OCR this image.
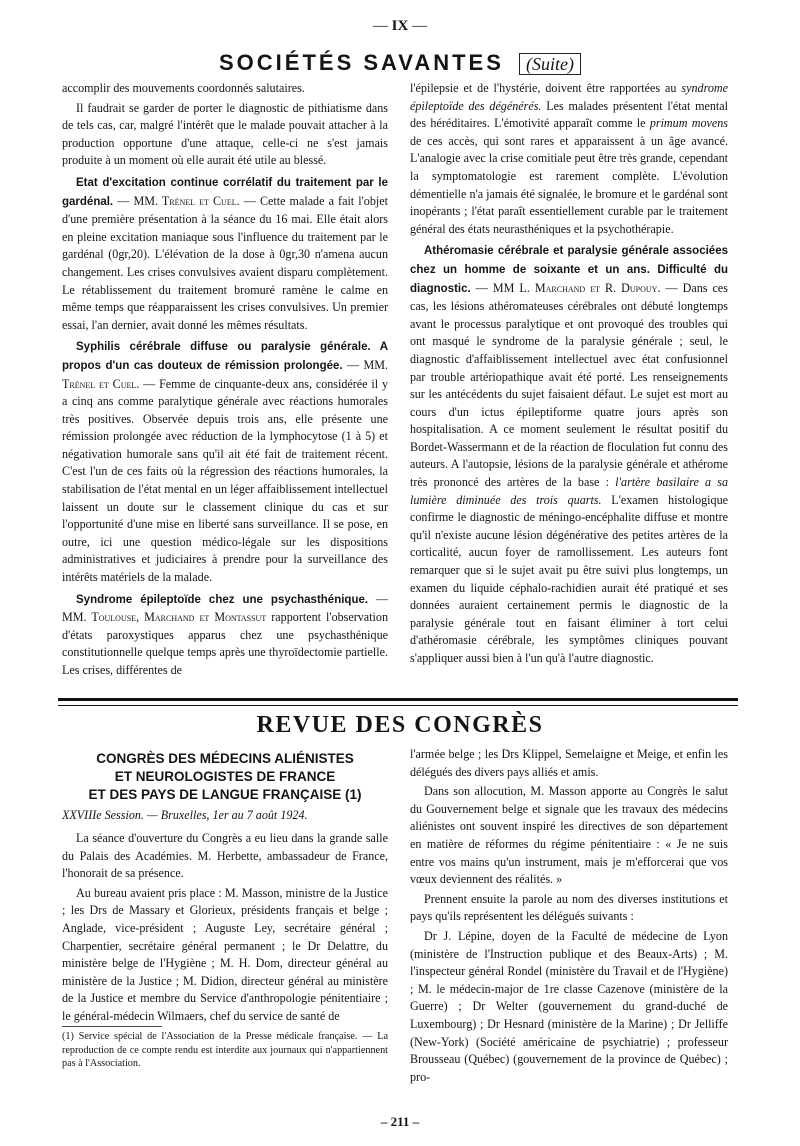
— IX —
SOCIÉTÉS SAVANTES (Suite)

accomplir des mouvements coordonnés salutaires.

Il faudrait se garder de porter le diagnostic de pithiatisme dans de tels cas, car, malgré l'intérêt que le malade pouvait attacher à la production opportune d'une attaque, celle-ci ne s'est jamais produite à un moment où elle aurait été utile au blessé.

Etat d'excitation continue corrélatif du traitement par le gardénal. — MM. Trénel et Cuel. — Cette malade a fait l'objet d'une première présentation à la séance du 16 mai. Elle était alors en pleine excitation maniaque sous l'influence du traitement par le gardénal (0gr,20). L'élévation de la dose à 0gr,30 n'amena aucun changement. Les crises convulsives avaient disparu complètement. Le rétablissement du traitement bromuré ramène le calme en même temps que réapparaissent les crises convulsives. Un premier essai, l'an dernier, avait donné les mêmes résultats.

Syphilis cérébrale diffuse ou paralysie générale. A propos d'un cas douteux de rémission prolongée. — MM. Trénel et Cuel. — Femme de cinquante-deux ans, considérée il y a cinq ans comme paralytique générale avec réactions humorales très positives. Observée depuis trois ans, elle présente une rémission prolongée avec réduction de la lymphocytose (1 à 5) et négativation humorale sans qu'il ait été fait de traitement récent. C'est l'un de ces faits où la régression des réactions humorales, la stabilisation de l'état mental en un léger affaiblissement intellectuel laissent un doute sur le classement clinique du cas et sur l'opportunité d'une mise en liberté sans surveillance. Il se pose, en outre, ici une question médico-légale sur les dispositions administratives et judiciaires à prendre pour la surveillance des intérêts matériels de la malade.

Syndrome épileptoïde chez une psychasthénique. — MM. Toulouse, Marchand et Montassut rapportent l'observation d'états paroxystiques apparus chez une psychasthénique constitutionnelle quelque temps après une thyroïdectomie partielle. Les crises, différentes de

l'épilepsie et de l'hystérie, doivent être rapportées au syndrome épileptoïde des dégénérés. Les malades présentent l'état mental des héréditaires. L'émotivité apparaît comme le primum movens de ces accès, qui sont rares et apparaissent à un âge avancé. L'analogie avec la crise comitiale peut être très grande, cependant la symptomatologie est rarement complète. L'évolution démentielle n'a jamais été signalée, le bromure et le gardénal sont inopérants ; l'état paraît essentiellement curable par le traitement général des états neurasthéniques et la psychothérapie.

Athéromasie cérébrale et paralysie générale associées chez un homme de soixante et un ans. Difficulté du diagnostic. — MM L. Marchand et R. Dupouy. — Dans ces cas, les lésions athéromateuses cérébrales ont débuté longtemps avant le processus paralytique et ont provoqué des troubles qui ont masqué le syndrome de la paralysie générale ; seul, le diagnostic d'affaiblissement intellectuel avec état confusionnel par trouble artériopathique avait été porté. Les renseignements sur les antécédents du sujet faisaient défaut. Le sujet est mort au cours d'un ictus épileptiforme quatre jours après son hospitalisation. A ce moment seulement le résultat positif du Bordet-Wassermann et de la réaction de floculation fut connu des auteurs. A l'autopsie, lésions de la paralysie générale et athérome très prononcé des artères de la base : l'artère basilaire a sa lumière diminuée des trois quarts. L'examen histologique confirme le diagnostic de méningo-encéphalite diffuse et montre qu'il n'existe aucune lésion dégénérative des petites artères de la corticalité, aucun foyer de ramollissement. Les auteurs font remarquer que si le sujet avait pu être suivi plus longtemps, un examen du liquide céphalo-rachidien aurait été pratiqué et ses données auraient certainement permis le diagnostic de la paralysie générale tout en faisant éliminer à tort celui d'athéromasie cérébrale, les symptômes cliniques pouvant s'appliquer aussi bien à l'un qu'à l'autre diagnostic.

REVUE DES CONGRÈS
CONGRÈS DES MÉDECINS ALIÉNISTES
ET NEUROLOGISTES DE FRANCE
ET DES PAYS DE LANGUE FRANÇAISE (1)
XXVIIIe Session. — Bruxelles, 1er au 7 août 1924.

La séance d'ouverture du Congrès a eu lieu dans la grande salle du Palais des Académies. M. Herbette, ambassadeur de France, l'honorait de sa présence.

Au bureau avaient pris place : M. Masson, ministre de la Justice ; les Drs de Massary et Glorieux, présidents français et belge ; Anglade, vice-président ; Auguste Ley, secrétaire général ; Charpentier, secrétaire général permanent ; le Dr Delattre, du ministère belge de l'Hygiène ; M. H. Dom, directeur général au ministère de la Justice ; M. Didion, directeur général au ministère de la Justice et membre du Service d'anthropologie pénitentiaire ; le général-médecin Wilmaers, chef du service de santé de

(1) Service spécial de l'Association de la Presse médicale française. — La reproduction de ce compte rendu est interdite aux journaux qui n'appartiennent pas à l'Association.

l'armée belge ; les Drs Klippel, Semelaigne et Meige, et enfin les délégués des divers pays alliés et amis.

Dans son allocution, M. Masson apporte au Congrès le salut du Gouvernement belge et signale que les travaux des médecins aliénistes ont souvent inspiré les directives de son département en matière de réformes du régime pénitentiaire : « Je ne suis entre vos mains qu'un instrument, mais je m'efforcerai que vos vœux deviennent des réalités. »

Prennent ensuite la parole au nom des diverses institutions et pays qu'ils représentent les délégués suivants :

Dr J. Lépine, doyen de la Faculté de médecine de Lyon (ministère de l'Instruction publique et des Beaux-Arts) ; M. l'inspecteur général Rondel (ministère du Travail et de l'Hygiène) ; M. le médecin-major de 1re classe Cazenove (ministère de la Guerre) ; Dr Welter (gouvernement du grand-duché de Luxembourg) ; Dr Hesnard (ministère de la Marine) ; Dr Jelliffe (New-York) (Société américaine de psychiatrie) ; professeur Brousseau (Québec) (gouvernement de la province de Québec) ; pro-

– 211 –
